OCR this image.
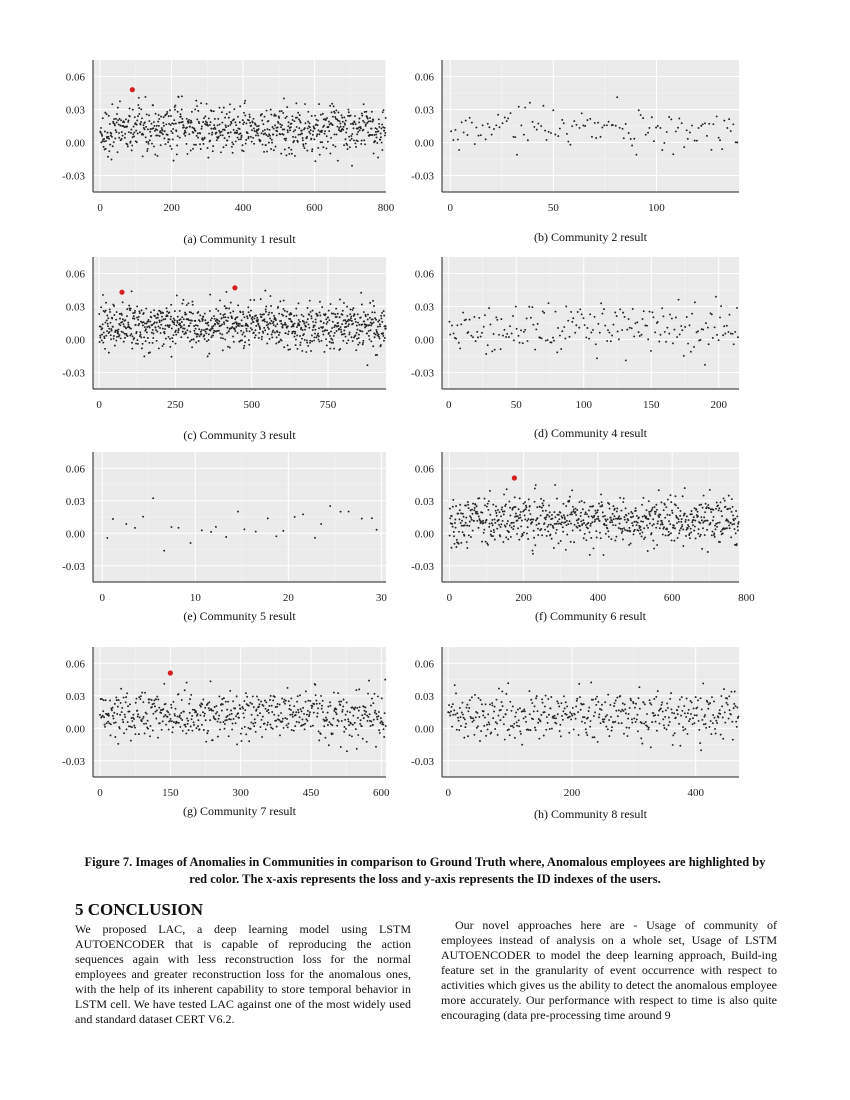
-0.03
0.00
0.03
0.06
0	200	400	600	800
(a) Community 1 result
-0.03
0.00
0.03
0.06
0	50	100
(b) Community 2 result
-0.03
0.00
0.03
0.06
0	250	500	750
(c) Community 3 result
-0.03
0.00
0.03
0.06
0	50	100	150	200
(d) Community 4 result
-0.03
0.00
0.03
0.06
0	10	20	30
(e) Community 5 result
-0.03
0.00
0.03
0.06
0	200	400	600	800
(f) Community 6 result
-0.03
0.00
0.03
0.06
0	150	300	450	600
(g) Community 7 result
-0.03
0.00
0.03
0.06
0	200	400
(h) Community 8 result
Figure 7. Images of Anomalies in Communities in comparison to Ground Truth where, Anomalous employees are highlighted by red color. The x-axis represents the loss and y-axis represents the ID indexes of the users.
5 CONCLUSION
We proposed LAC, a deep learning model using LSTM AUTOENCODER that is capable of reproducing the action sequences again with less reconstruction loss for the normal employees and greater reconstruction loss for the anomalous ones, with the help of its inherent capability to store temporal behavior in LSTM cell. We have tested LAC against one of the most widely used and standard dataset CERT V6.2.
Our novel approaches here are - Usage of community of employees instead of analysis on a whole set, Usage of LSTM AUTOENCODER to model the deep learning approach, Build-ing feature set in the granularity of event occurrence with respect to activities which gives us the ability to detect the anomalous employee more accurately. Our performance with respect to time is also quite encouraging (data pre-processing time around 9
